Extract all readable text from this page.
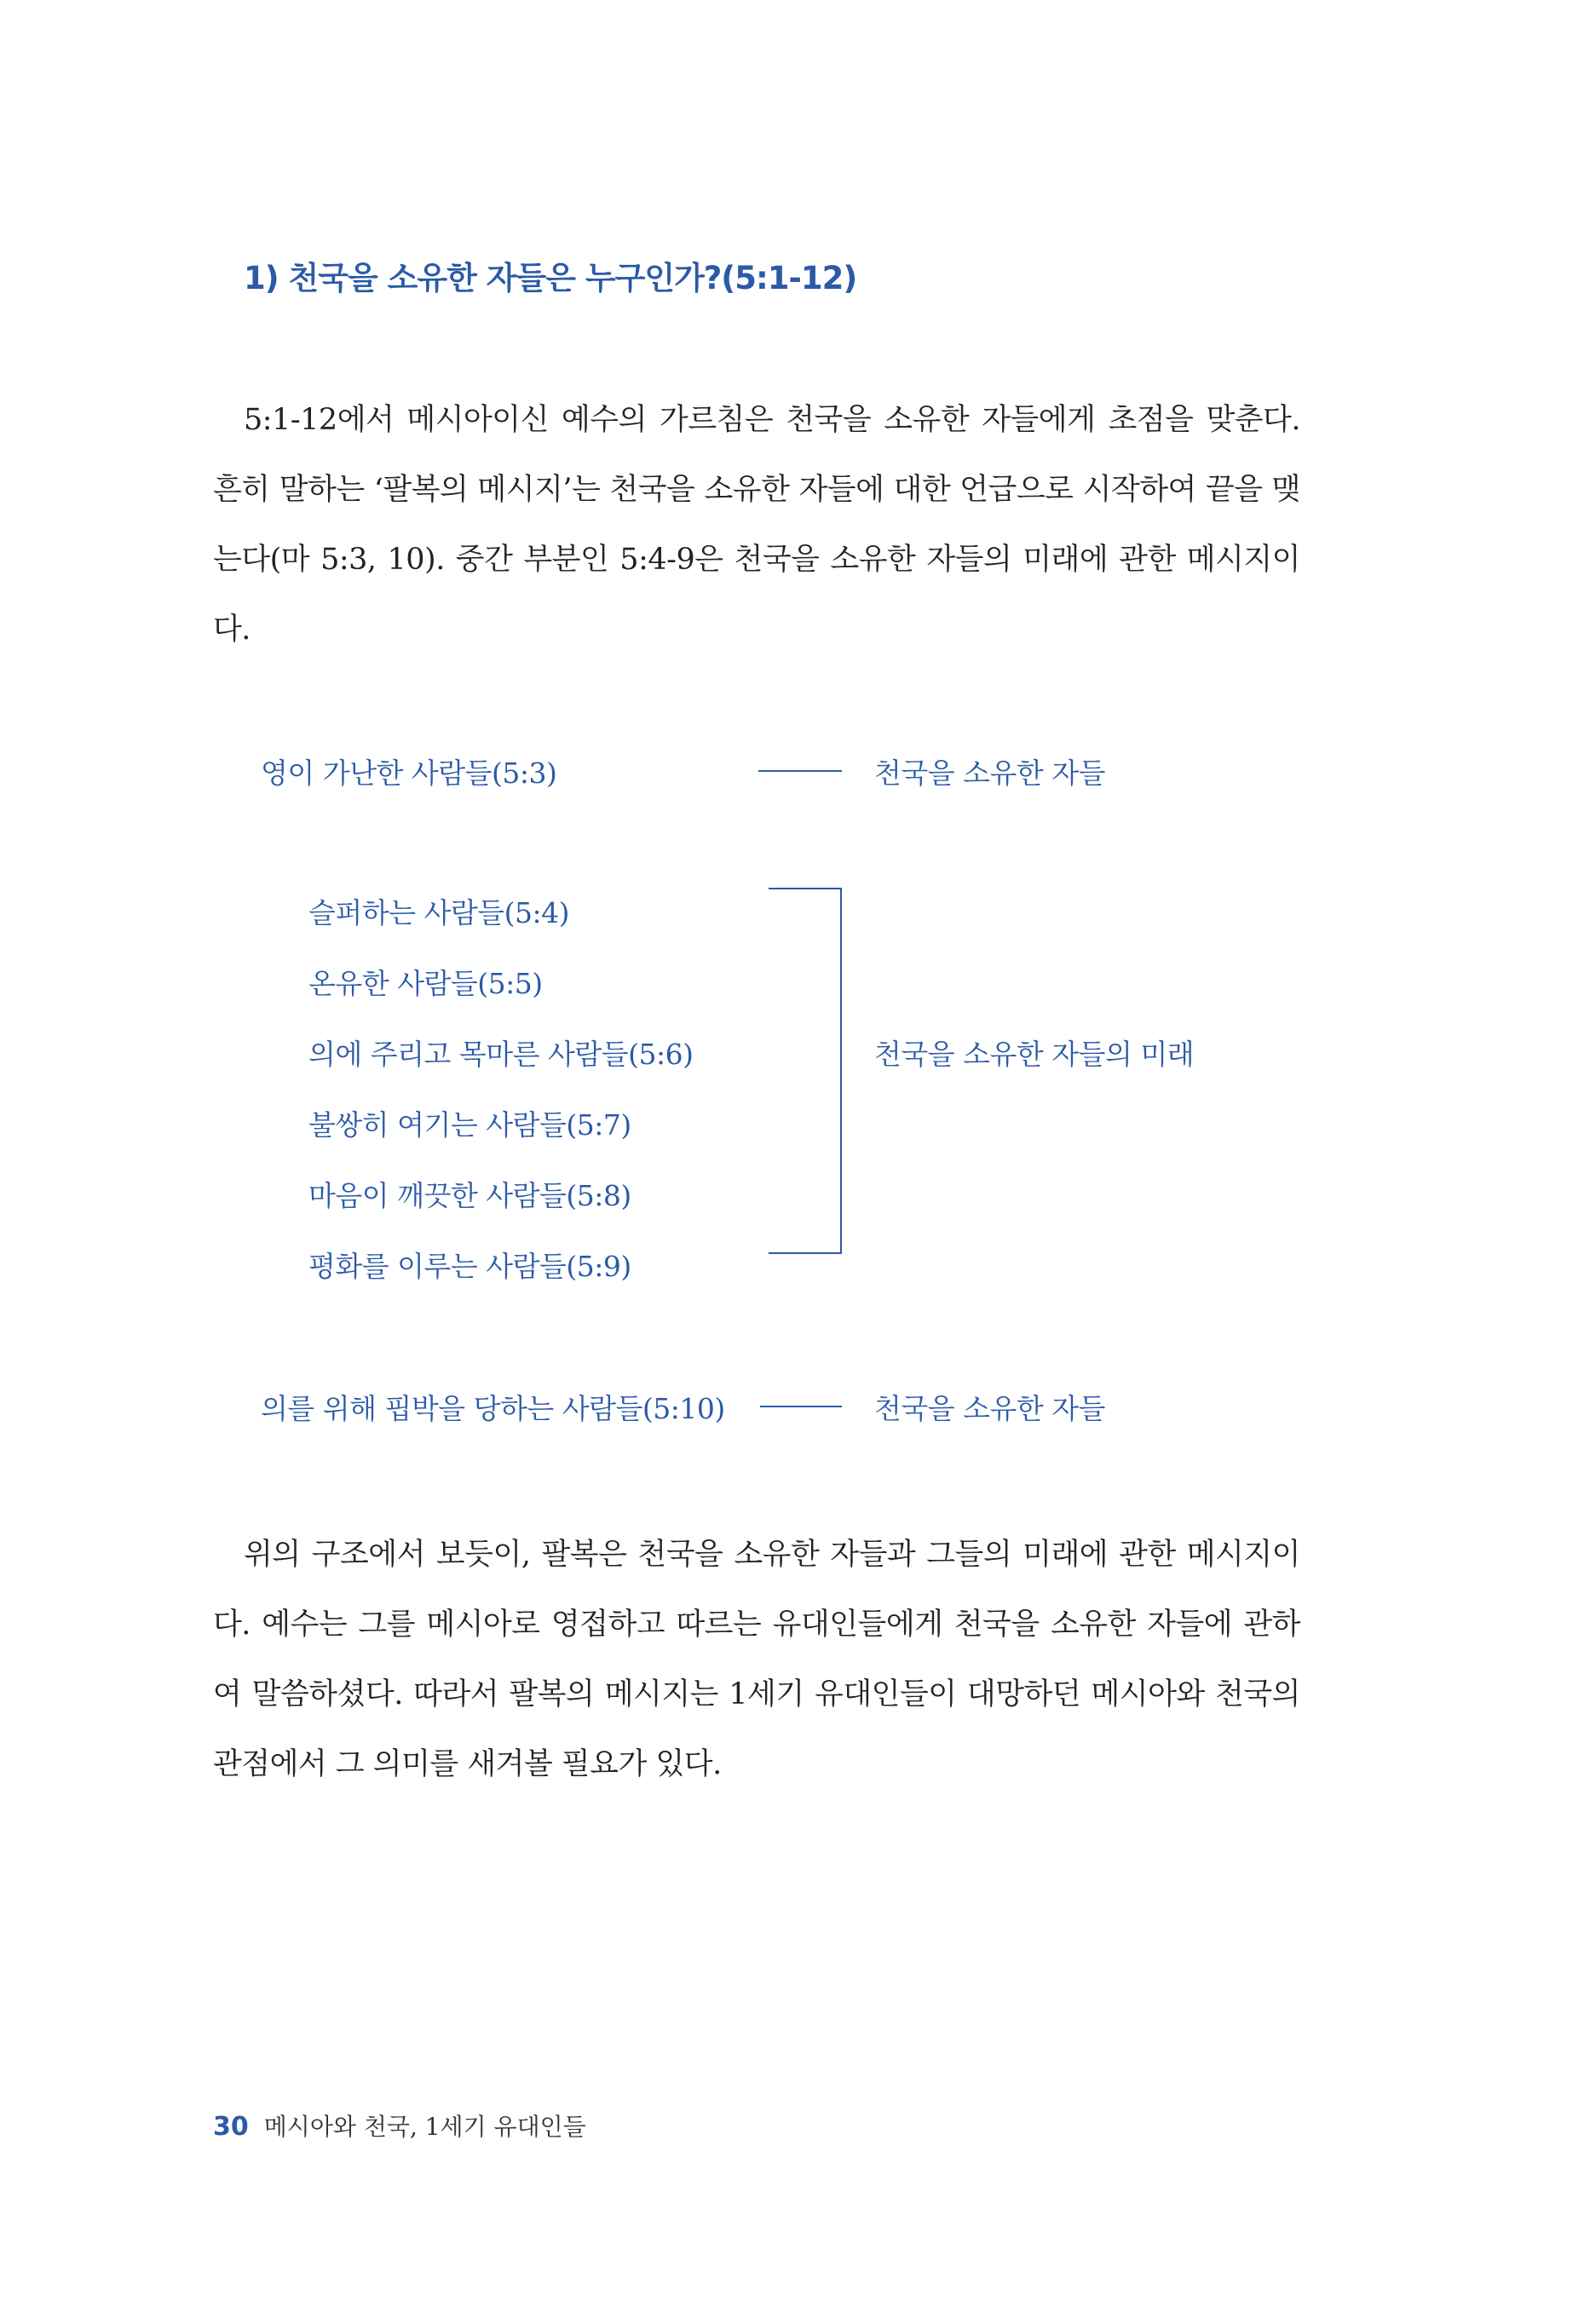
1) 천국을 소유한 자들은 누구인가?(5:1-12)

5:1-12에서 메시아이신 예수의 가르침은 천국을 소유한 자들에게 초점을 맞춘다. 흔히 말하는 ‘팔복의 메시지’는 천국을 소유한 자들에 대한 언급으로 시작하여 끝을 맺는다(마 5:3, 10). 중간 부분인 5:4-9은 천국을 소유한 자들의 미래에 관한 메시지이다.

영이 가난한 사람들(5:3)	천국을 소유한 자들
슬퍼하는 사람들(5:4)
온유한 사람들(5:5)
의에 주리고 목마른 사람들(5:6)
불쌍히 여기는 사람들(5:7)
마음이 깨끗한 사람들(5:8)
평화를 이루는 사람들(5:9)
천국을 소유한 자들의 미래
의를 위해 핍박을 당하는 사람들(5:10)	천국을 소유한 자들

위의 구조에서 보듯이, 팔복은 천국을 소유한 자들과 그들의 미래에 관한 메시지이다. 예수는 그를 메시아로 영접하고 따르는 유대인들에게 천국을 소유한 자들에 관하여 말씀하셨다. 따라서 팔복의 메시지는 1세기 유대인들이 대망하던 메시아와 천국의 관점에서 그 의미를 새겨볼 필요가 있다.

30 메시아와 천국, 1세기 유대인들
